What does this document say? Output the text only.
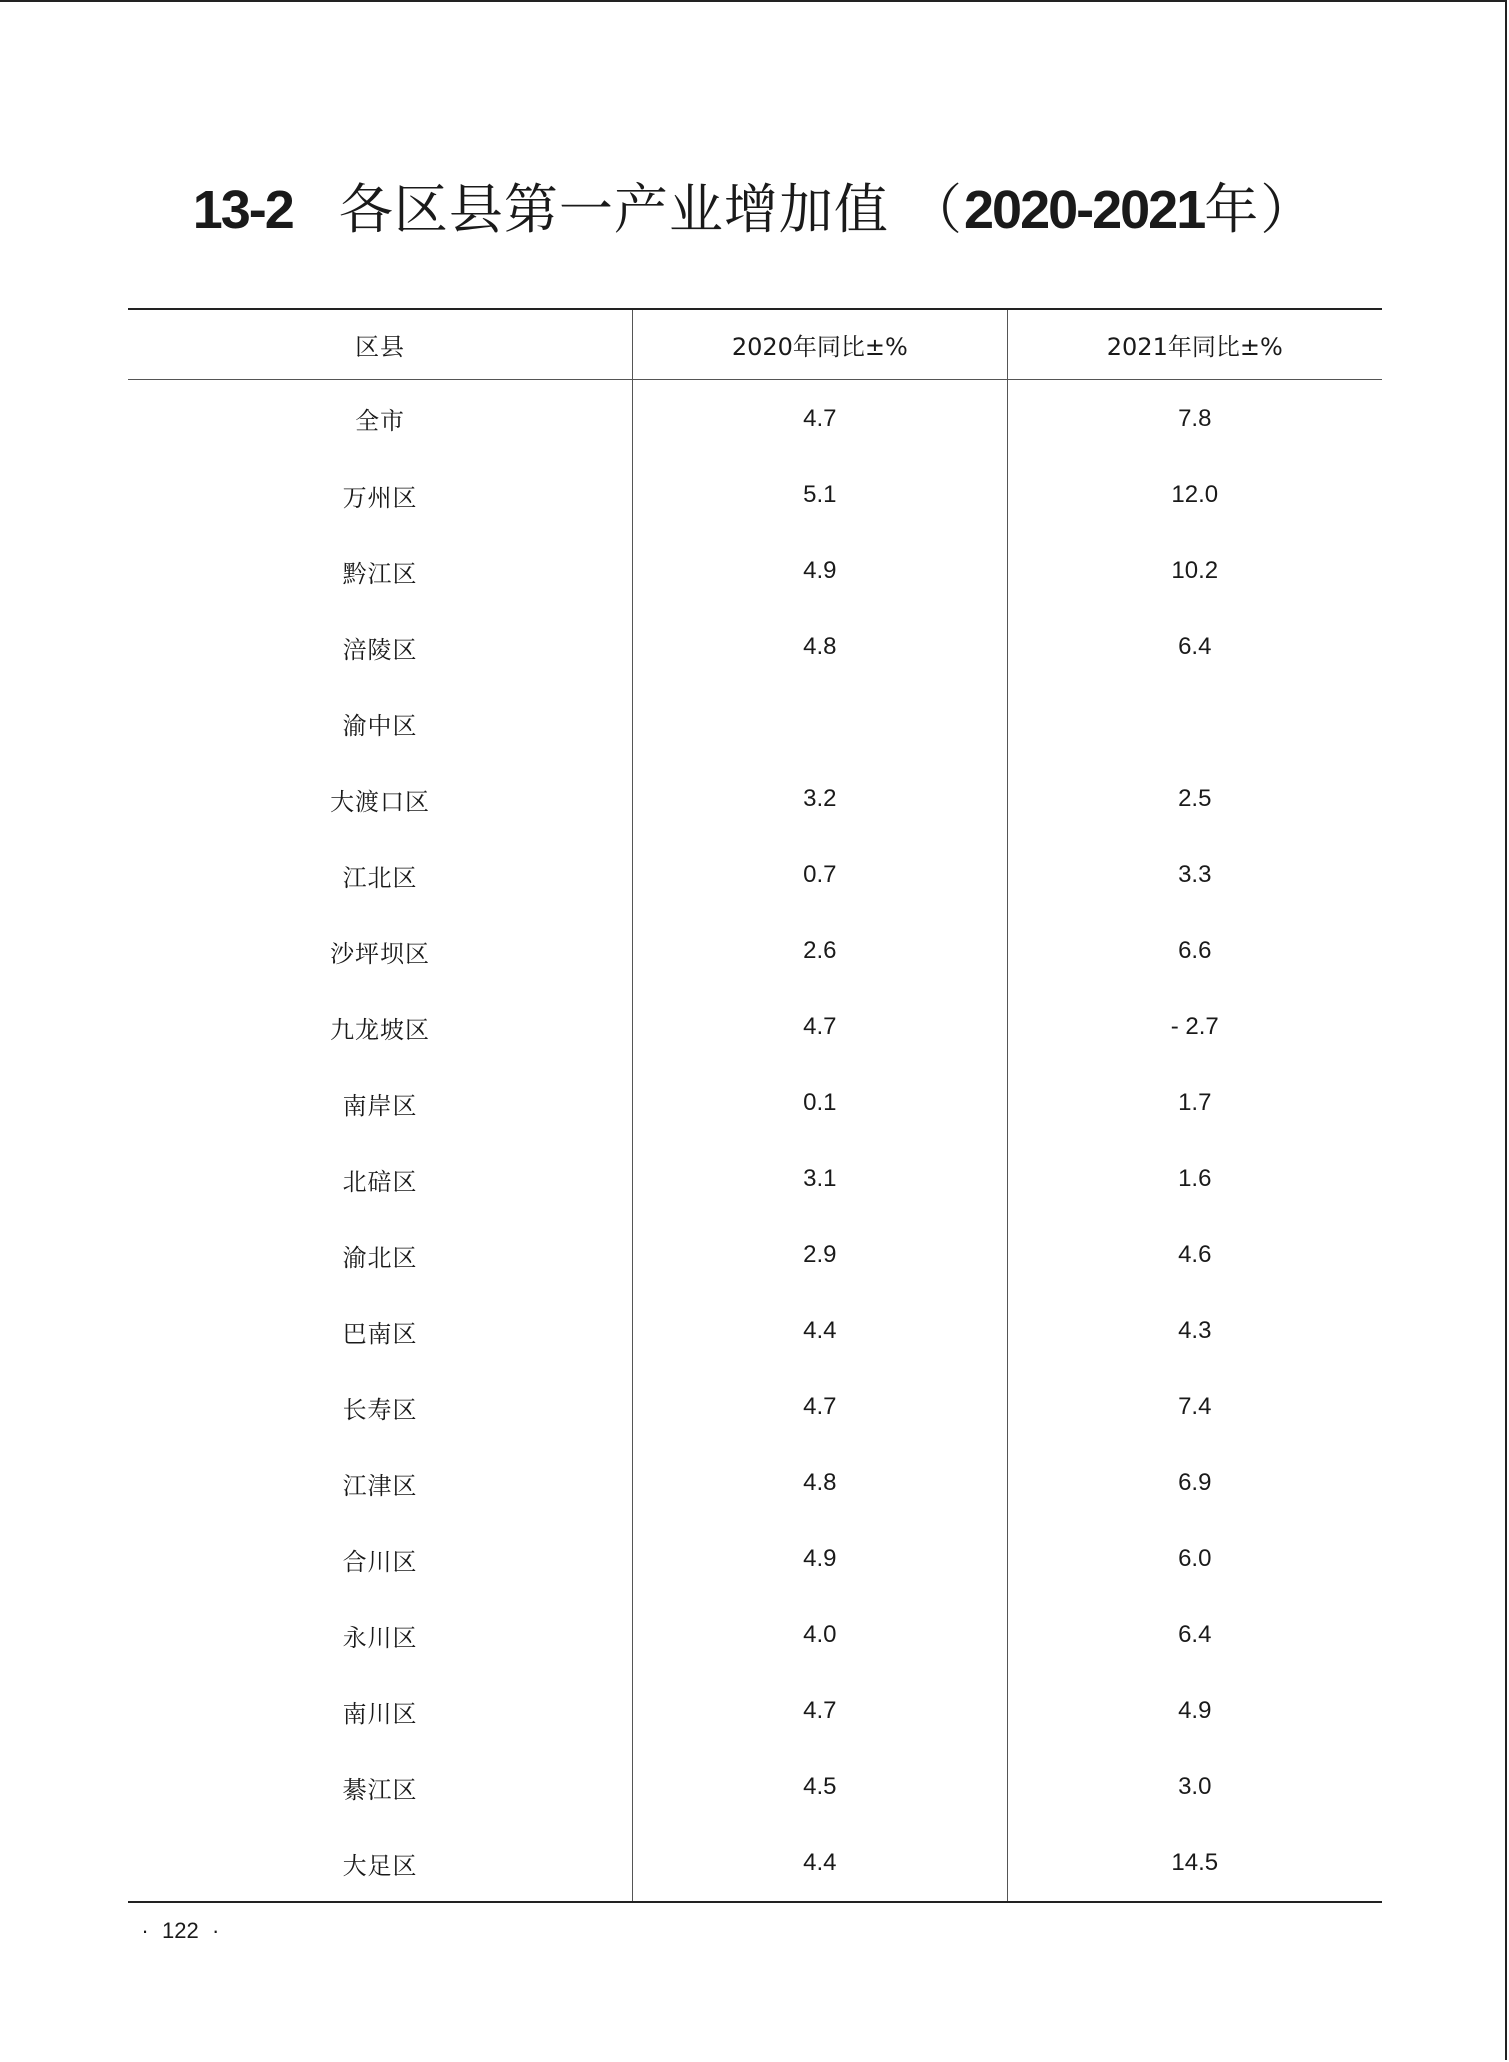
13-2 各区县第一产业增加值 （2020-2021年）
区县	2020年同比±%	2021年同比±%
全市	4.7	7.8
万州区	5.1	12.0
黔江区	4.9	10.2
涪陵区	4.8	6.4
渝中区		
大渡口区	3.2	2.5
江北区	0.7	3.3
沙坪坝区	2.6	6.6
九龙坡区	4.7	- 2.7
南岸区	0.1	1.7
北碚区	3.1	1.6
渝北区	2.9	4.6
巴南区	4.4	4.3
长寿区	4.7	7.4
江津区	4.8	6.9
合川区	4.9	6.0
永川区	4.0	6.4
南川区	4.7	4.9
綦江区	4.5	3.0
大足区	4.4	14.5
· 122 ·
